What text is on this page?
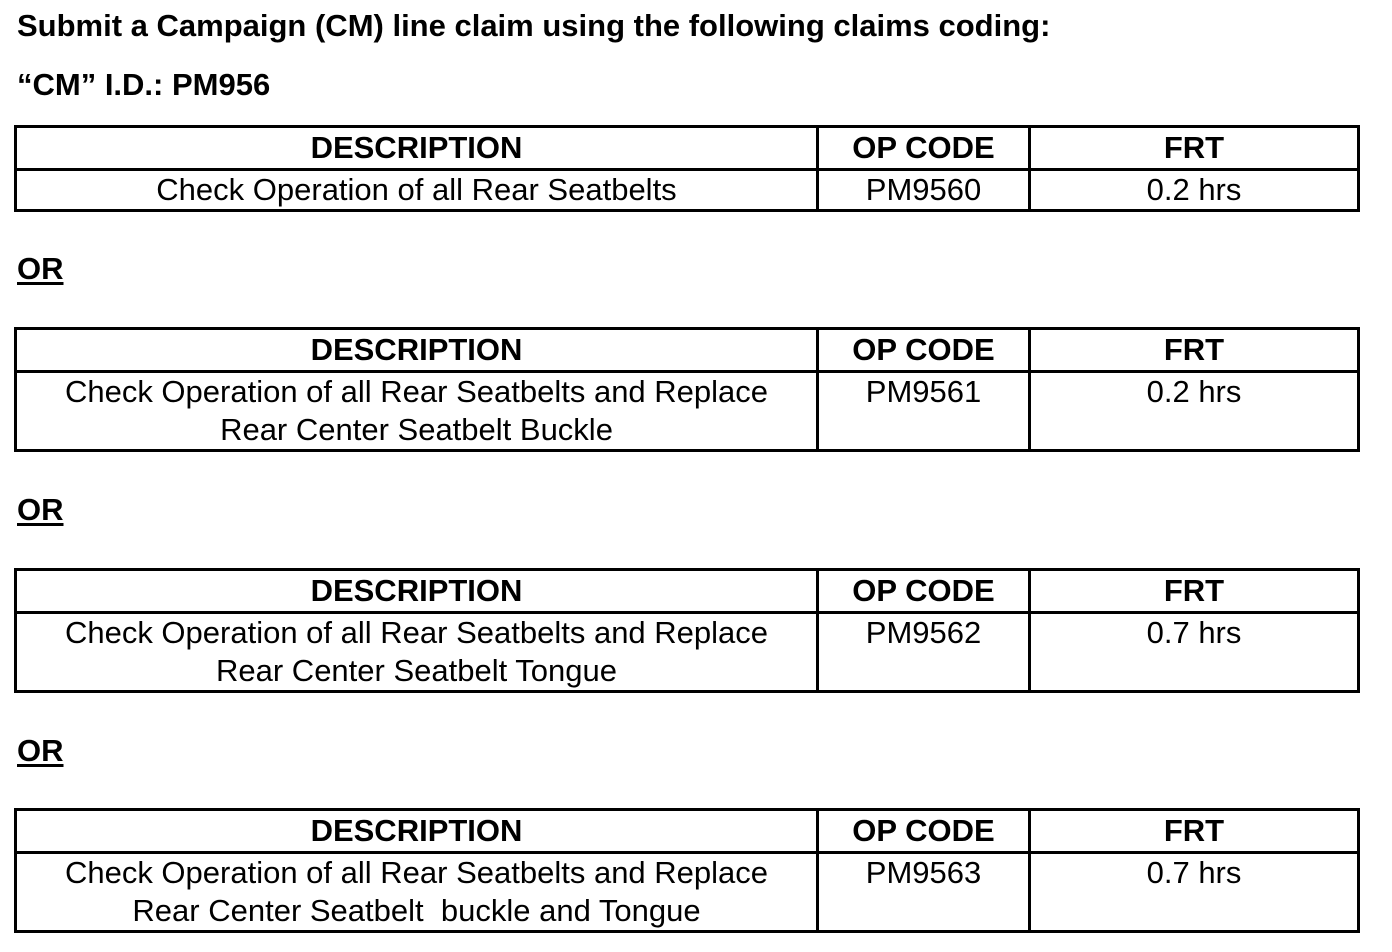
Submit a Campaign (CM) line claim using the following claims coding:

“CM” I.D.: PM956

DESCRIPTION	OP CODE	FRT

Check Operation of all Rear Seatbelts	PM9560	0.2 hrs

OR

DESCRIPTION	OP CODE	FRT

Check Operation of all Rear Seatbelts and Replace
Rear Center Seatbelt Buckle	PM9561	0.2 hrs

OR

DESCRIPTION	OP CODE	FRT

Check Operation of all Rear Seatbelts and Replace
Rear Center Seatbelt Tongue	PM9562	0.7 hrs

OR

DESCRIPTION	OP CODE	FRT

Check Operation of all Rear Seatbelts and Replace
Rear Center Seatbelt  buckle and Tongue	PM9563	0.7 hrs
